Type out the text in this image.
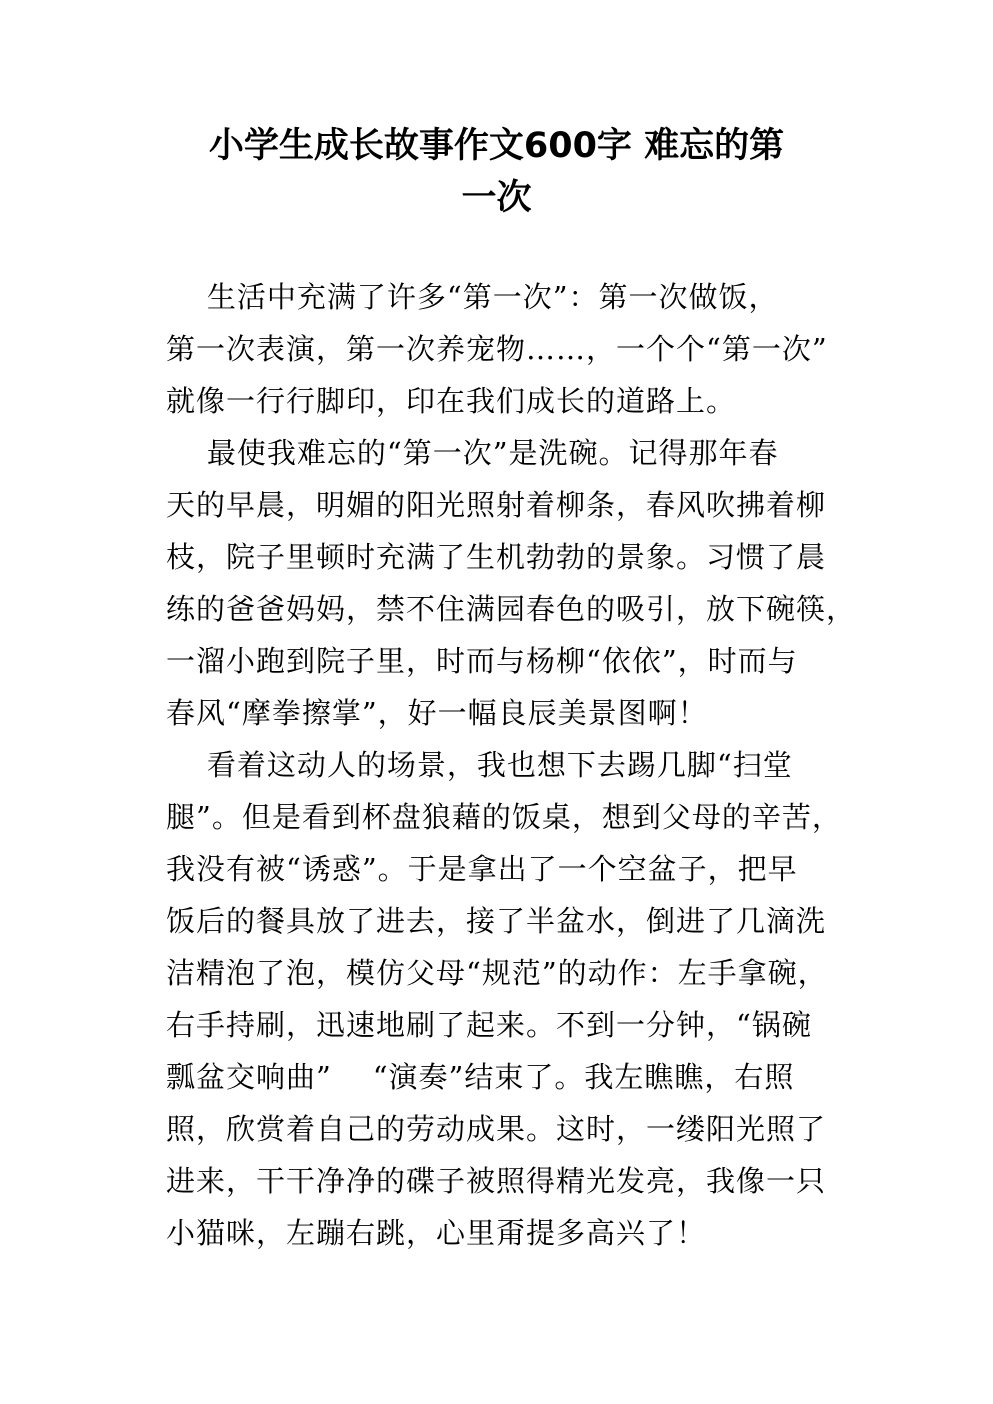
小学生成长故事作文600字 难忘的第
一次
生活中充满了许多“第一次”：第一次做饭，
第一次表演，第一次养宠物……，一个个“第一次”
就像一行行脚印，印在我们成长的道路上。
最使我难忘的“第一次”是洗碗。记得那年春
天的早晨，明媚的阳光照射着柳条，春风吹拂着柳
枝，院子里顿时充满了生机勃勃的景象。习惯了晨
练的爸爸妈妈，禁不住满园春色的吸引，放下碗筷，
一溜小跑到院子里，时而与杨柳“依依”，时而与
春风“摩拳擦掌”，好一幅良辰美景图啊！
看着这动人的场景，我也想下去踢几脚“扫堂
腿”。但是看到杯盘狼藉的饭桌，想到父母的辛苦，
我没有被“诱惑”。于是拿出了一个空盆子，把早
饭后的餐具放了进去，接了半盆水，倒进了几滴洗
洁精泡了泡，模仿父母“规范”的动作：左手拿碗，
右手持刷，迅速地刷了起来。不到一分钟，“锅碗
瓢盆交响曲”    “演奏”结束了。我左瞧瞧，右照
照，欣赏着自己的劳动成果。这时，一缕阳光照了
进来，干干净净的碟子被照得精光发亮，我像一只
小猫咪，左蹦右跳，心里甭提多高兴了！
